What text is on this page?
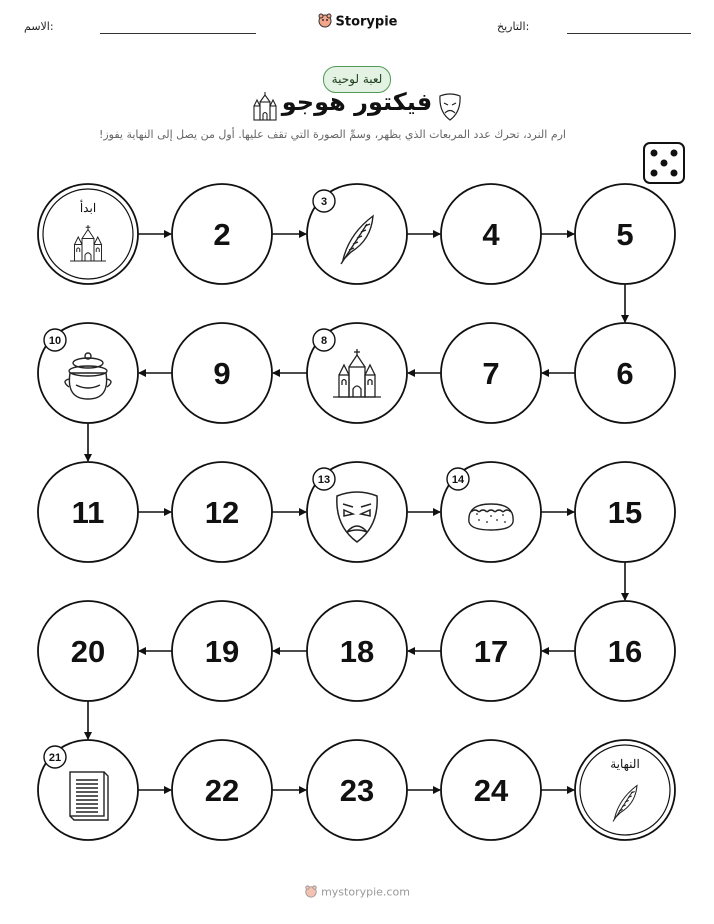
الاسم:	Storypie	التاريخ:
لعبة لوحية
فيكتور هوجو
ارم النرد، تحرك عدد المربعات الذي يظهر، وسمِّ الصورة التي تقف عليها. أول من يصل إلى النهاية يفوز!
ابدأ
2
3
4	5
6
7
8
9
10
11	12
13	14
15
16
17
18
19
20
21
22	23	24
النهاية
mystorypie.com
